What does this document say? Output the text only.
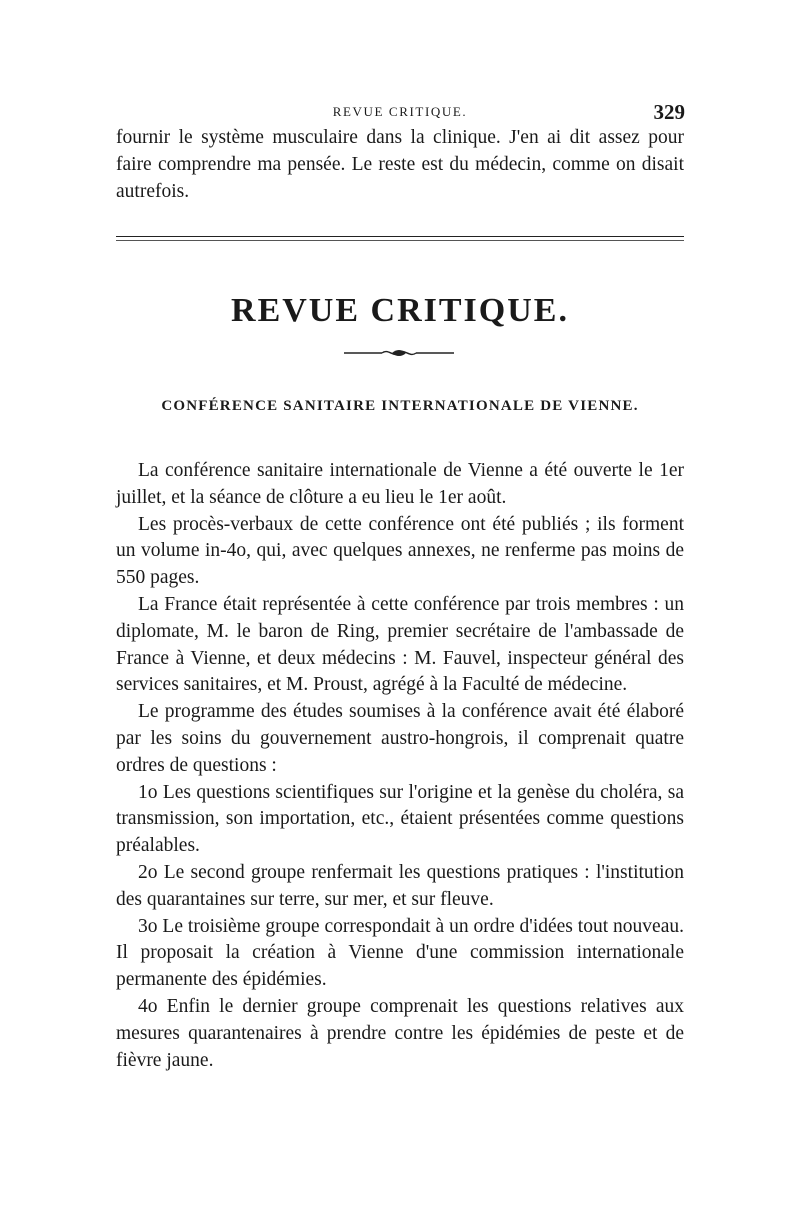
REVUE CRITIQUE.	329

fournir le système musculaire dans la clinique. J'en ai dit assez pour faire comprendre ma pensée. Le reste est du médecin, comme on disait autrefois.

REVUE CRITIQUE.
CONFÉRENCE SANITAIRE INTERNATIONALE DE VIENNE.

La conférence sanitaire internationale de Vienne a été ouverte le 1er juillet, et la séance de clôture a eu lieu le 1er août.

Les procès-verbaux de cette conférence ont été publiés ; ils forment un volume in-4o, qui, avec quelques annexes, ne renferme pas moins de 550 pages.

La France était représentée à cette conférence par trois membres : un diplomate, M. le baron de Ring, premier secrétaire de l'ambassade de France à Vienne, et deux médecins : M. Fauvel, inspecteur général des services sanitaires, et M. Proust, agrégé à la Faculté de médecine.

Le programme des études soumises à la conférence avait été élaboré par les soins du gouvernement austro-hongrois, il comprenait quatre ordres de questions :

1o Les questions scientifiques sur l'origine et la genèse du choléra, sa transmission, son importation, etc., étaient présentées comme questions préalables.

2o Le second groupe renfermait les questions pratiques : l'institution des quarantaines sur terre, sur mer, et sur fleuve.

3o Le troisième groupe correspondait à un ordre d'idées tout nouveau. Il proposait la création à Vienne d'une commission internationale permanente des épidémies.

4o Enfin le dernier groupe comprenait les questions relatives aux mesures quarantenaires à prendre contre les épidémies de peste et de fièvre jaune.
